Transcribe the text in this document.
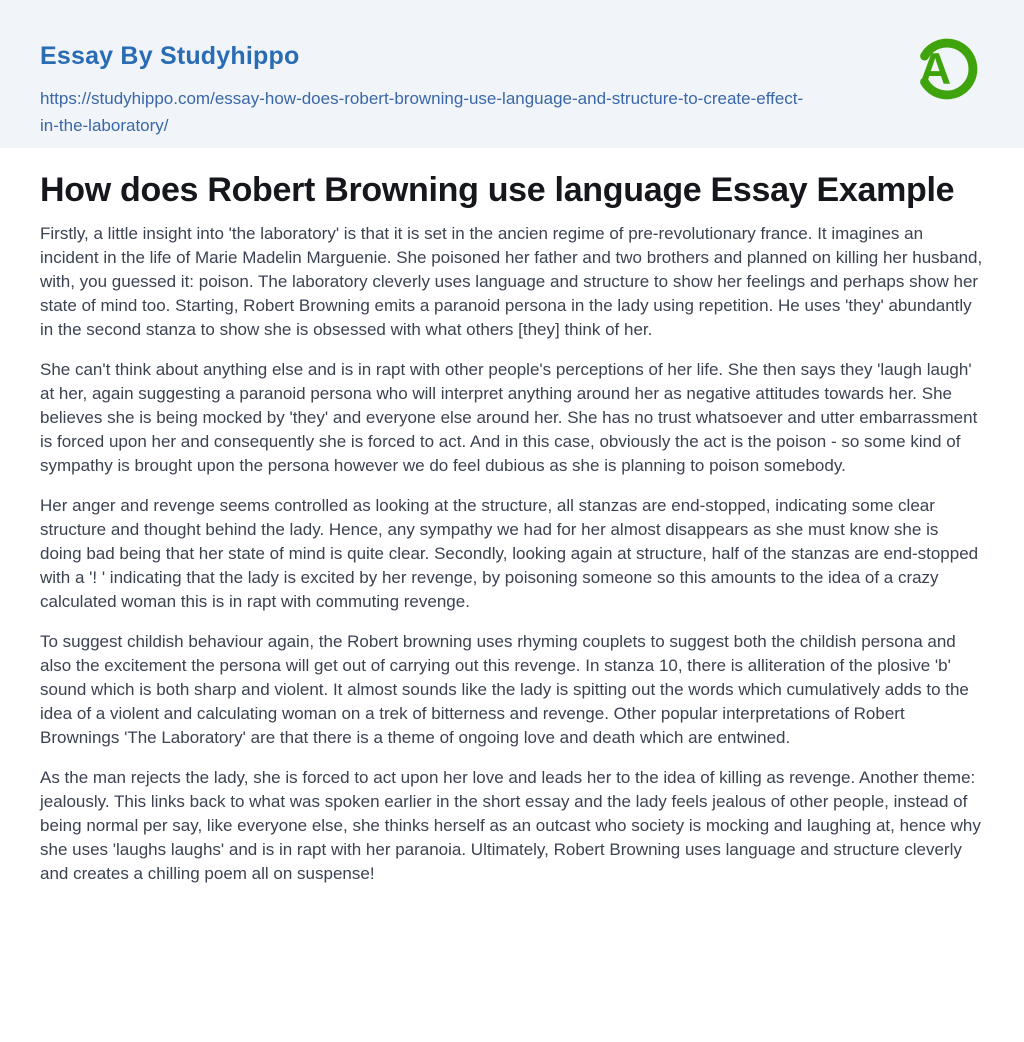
Essay By Studyhippo
https://studyhippo.com/essay-how-does-robert-browning-use-language-and-structure-to-create-effect-in-the-laboratory/
A
How does Robert Browning use language Essay Example

Firstly, a little insight into 'the laboratory' is that it is set in the ancien regime of pre-revolutionary france. It imagines an incident in the life of Marie Madelin Marguenie. She poisoned her father and two brothers and planned on killing her husband, with, you guessed it: poison. The laboratory cleverly uses language and structure to show her feelings and perhaps show her state of mind too. Starting, Robert Browning emits a paranoid persona in the lady using repetition. He uses 'they' abundantly in the second stanza to show she is obsessed with what others [they] think of her.

She can't think about anything else and is in rapt with other people's perceptions of her life. She then says they 'laugh laugh' at her, again suggesting a paranoid persona who will interpret anything around her as negative attitudes towards her. She believes she is being mocked by 'they' and everyone else around her. She has no trust whatsoever and utter embarrassment is forced upon her and consequently she is forced to act. And in this case, obviously the act is the poison - so some kind of sympathy is brought upon the persona however we do feel dubious as she is planning to poison somebody.

Her anger and revenge seems controlled as looking at the structure, all stanzas are end-stopped, indicating some clear structure and thought behind the lady. Hence, any sympathy we had for her almost disappears as she must know she is doing bad being that her state of mind is quite clear. Secondly, looking again at structure, half of the stanzas are end-stopped with a '! ' indicating that the lady is excited by her revenge, by poisoning someone so this amounts to the idea of a crazy calculated woman this is in rapt with commuting revenge.

To suggest childish behaviour again, the Robert browning uses rhyming couplets to suggest both the childish persona and also the excitement the persona will get out of carrying out this revenge. In stanza 10, there is alliteration of the plosive 'b' sound which is both sharp and violent. It almost sounds like the lady is spitting out the words which cumulatively adds to the idea of a violent and calculating woman on a trek of bitterness and revenge. Other popular interpretations of Robert Brownings 'The Laboratory' are that there is a theme of ongoing love and death which are entwined.

As the man rejects the lady, she is forced to act upon her love and leads her to the idea of killing as revenge. Another theme: jealously. This links back to what was spoken earlier in the short essay and the lady feels jealous of other people, instead of being normal per say, like everyone else, she thinks herself as an outcast who society is mocking and laughing at, hence why she uses 'laughs laughs' and is in rapt with her paranoia. Ultimately, Robert Browning uses language and structure cleverly and creates a chilling poem all on suspense!
